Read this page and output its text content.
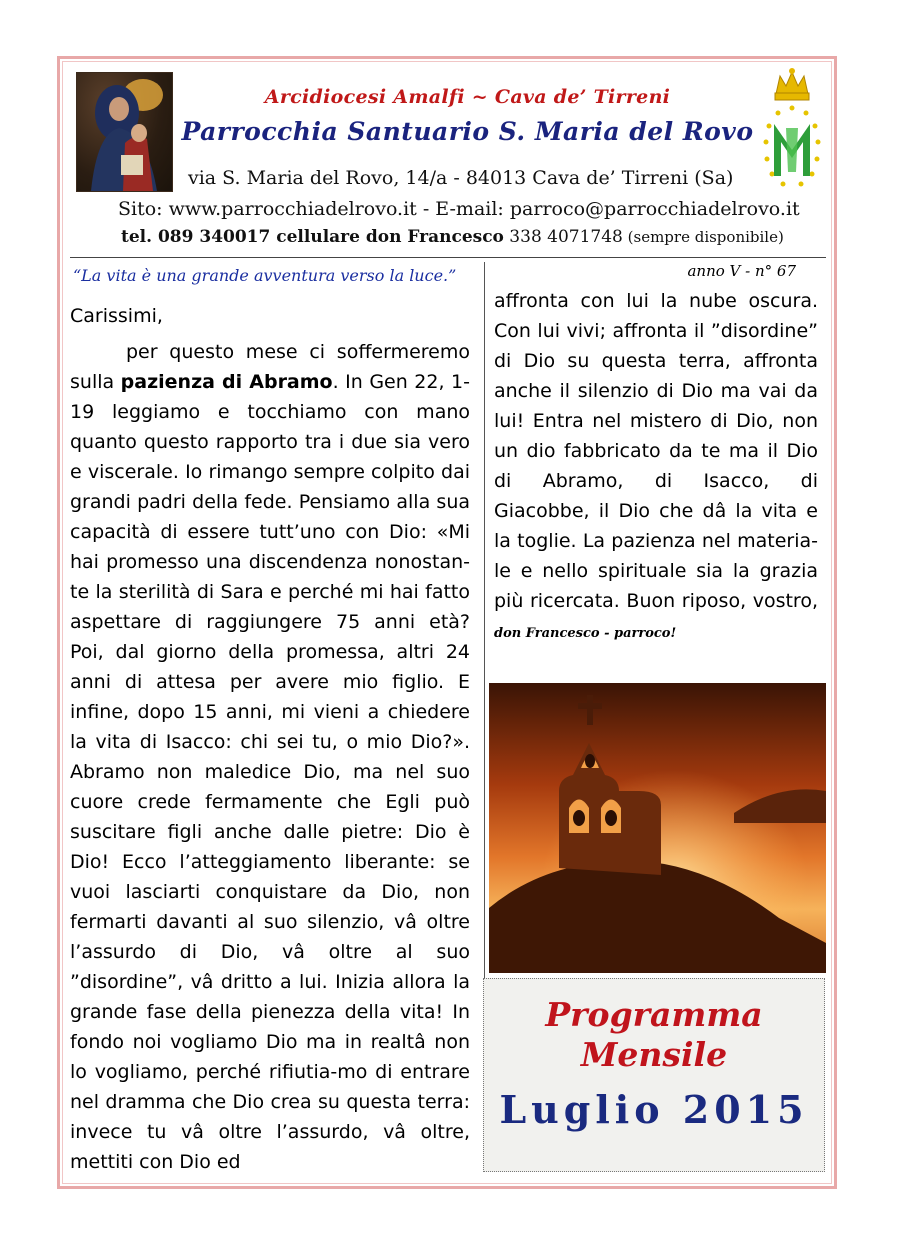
Arcidiocesi Amalfi ~ Cava de’ Tirreni
Parrocchia Santuario S. Maria del Rovo
via S. Maria del Rovo, 14/a - 84013 Cava de’ Tirreni (Sa)
Sito: www.parrocchiadelrovo.it - E-mail: parroco@parrocchiadelrovo.it
tel. 089 340017 cellulare don Francesco 338 4071748 (sempre disponibile)
“La vita è una grande avventura verso la luce.”
Carissimi,
per questo mese ci soffermeremo sulla pazienza di Abramo. In Gen 22, 1-19 leggiamo e tocchiamo con mano quanto questo rapporto tra i due sia vero e viscerale. Io rimango sempre colpito dai grandi padri della fede. Pensiamo alla sua capacità di essere tutt’uno con Dio: «Mi hai promesso una discendenza nonostan-te la sterilità di Sara e perché mi hai fatto aspettare di raggiungere 75 anni età? Poi, dal giorno della promessa, altri 24 anni di attesa per avere mio figlio. E infine, dopo 15 anni, mi vieni a chiedere la vita di Isacco: chi sei tu, o mio Dio?». Abramo non maledice Dio, ma nel suo cuore crede fermamente che Egli può suscitare figli anche dalle pietre: Dio è Dio! Ecco l’atteggiamento liberante: se vuoi lasciarti conquistare da Dio, non fermarti davanti al suo silenzio, vâ oltre l’assurdo di Dio, vâ oltre al suo ”disordine”, vâ dritto a lui. Inizia allora la grande fase della pienezza della vita! In fondo noi vogliamo Dio ma in realtâ non lo vogliamo, perché rifiutia-mo di entrare nel dramma che Dio crea su questa terra: invece tu vâ oltre l’assurdo, vâ oltre, mettiti con Dio ed
anno V - n° 67
affronta con lui la nube oscura. Con lui vivi; affronta il ”disordine” di Dio su questa terra, affronta anche il silenzio di Dio ma vai da lui! Entra nel mistero di Dio, non un dio fabbricato da te ma il Dio di Abramo, di Isacco, di Giacobbe, il Dio che dâ la vita e la toglie. La pazienza nel materia-le e nello spirituale sia la grazia più ricercata. Buon riposo, vostro, don Francesco - parroco!
Programma
Mensile
Luglio 2015
